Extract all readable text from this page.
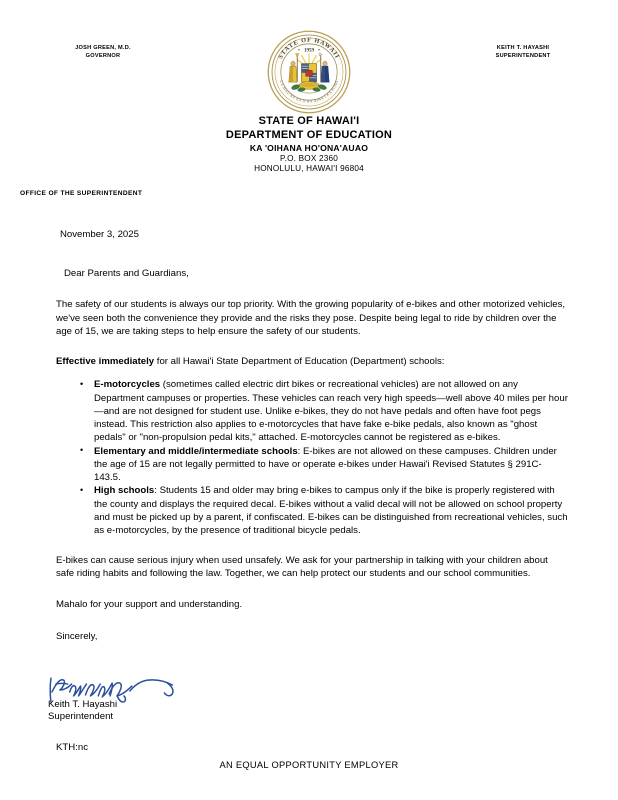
JOSH GREEN, M.D.
GOVERNOR
KEITH T. HAYASHI
SUPERINTENDENT
STATE OF HAWAII
UA MAU KE EA O KA AINA I KA PONO
1959
STATE OF HAWAI'I
DEPARTMENT OF EDUCATION
KA 'OIHANA HO'ONA'AUAO
P.O. BOX 2360
HONOLULU, HAWAI'I 96804
OFFICE OF THE SUPERINTENDENT

November 3, 2025

Dear Parents and Guardians,

The safety of our students is always our top priority. With the growing popularity of e-bikes and other motorized vehicles, we've seen both the convenience they provide and the risks they pose. Despite being legal to ride by children over the age of 15, we are taking steps to help ensure the safety of our students.

Effective immediately for all Hawai'i State Department of Education (Department) schools:

• E-motorcycles (sometimes called electric dirt bikes or recreational vehicles) are not allowed on any Department campuses or properties. These vehicles can reach very high speeds—well above 40 miles per hour—and are not designed for student use. Unlike e-bikes, they do not have pedals and often have foot pegs instead. This restriction also applies to e-motorcycles that have fake e-bike pedals, also known as "ghost pedals" or "non-propulsion pedal kits," attached. E-motorcycles cannot be registered as e-bikes.
• Elementary and middle/intermediate schools: E-bikes are not allowed on these campuses. Children under the age of 15 are not legally permitted to have or operate e-bikes under Hawai'i Revised Statutes § 291C-143.5.
• High schools: Students 15 and older may bring e-bikes to campus only if the bike is properly registered with the county and displays the required decal. E-bikes without a valid decal will not be allowed on school property and must be picked up by a parent, if confiscated. E-bikes can be distinguished from recreational vehicles, such as e-motorcycles, by the presence of traditional bicycle pedals.

E-bikes can cause serious injury when used unsafely. We ask for your partnership in talking with your children about safe riding habits and following the law. Together, we can help protect our students and our school communities.

Mahalo for your support and understanding.

Sincerely,

Keith T. Hayashi
Superintendent
KTH:nc
AN EQUAL OPPORTUNITY EMPLOYER
